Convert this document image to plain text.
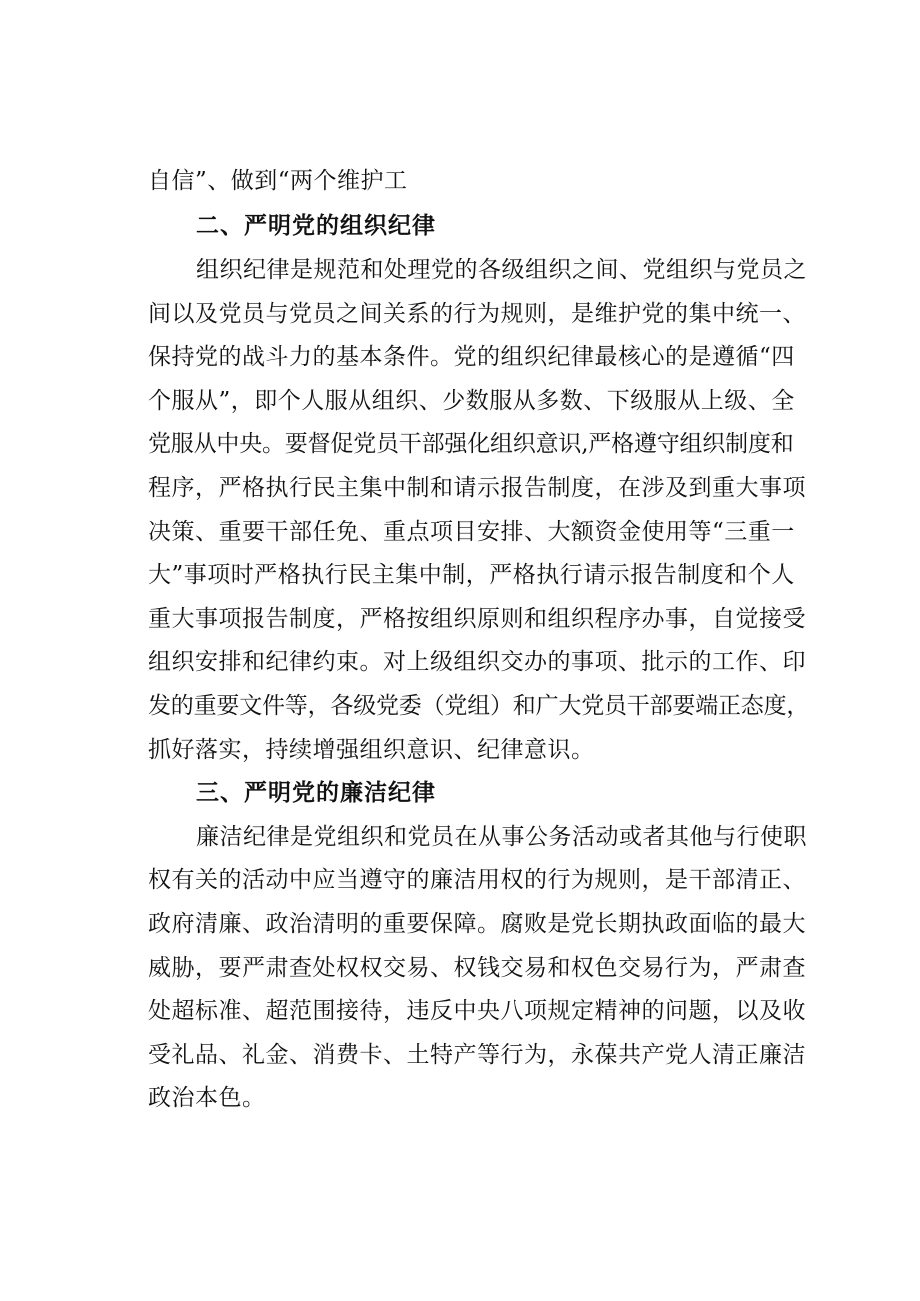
自信”、做到“两个维护工
二、严明党的组织纪律
组织纪律是规范和处理党的各级组织之间、党组织与党员之
间以及党员与党员之间关系的行为规则，是维护党的集中统一、
保持党的战斗力的基本条件。党的组织纪律最核心的是遵循“四
个服从”，即个人服从组织、少数服从多数、下级服从上级、全
党服从中央。要督促党员干部强化组织意识,严格遵守组织制度和
程序，严格执行民主集中制和请示报告制度，在涉及到重大事项
决策、重要干部任免、重点项目安排、大额资金使用等“三重一
大”事项时严格执行民主集中制，严格执行请示报告制度和个人
重大事项报告制度，严格按组织原则和组织程序办事，自觉接受
组织安排和纪律约束。对上级组织交办的事项、批示的工作、印
发的重要文件等，各级党委（党组）和广大党员干部要端正态度，
抓好落实，持续增强组织意识、纪律意识。
三、严明党的廉洁纪律
廉洁纪律是党组织和党员在从事公务活动或者其他与行使职
权有关的活动中应当遵守的廉洁用权的行为规则，是干部清正、
政府清廉、政治清明的重要保障。腐败是党长期执政面临的最大
威胁，要严肃查处权权交易、权钱交易和权色交易行为，严肃查
处超标准、超范围接待，违反中央八项规定精神的问题，以及收
受礼品、礼金、消费卡、土特产等行为，永葆共产党人清正廉洁
政治本色。
